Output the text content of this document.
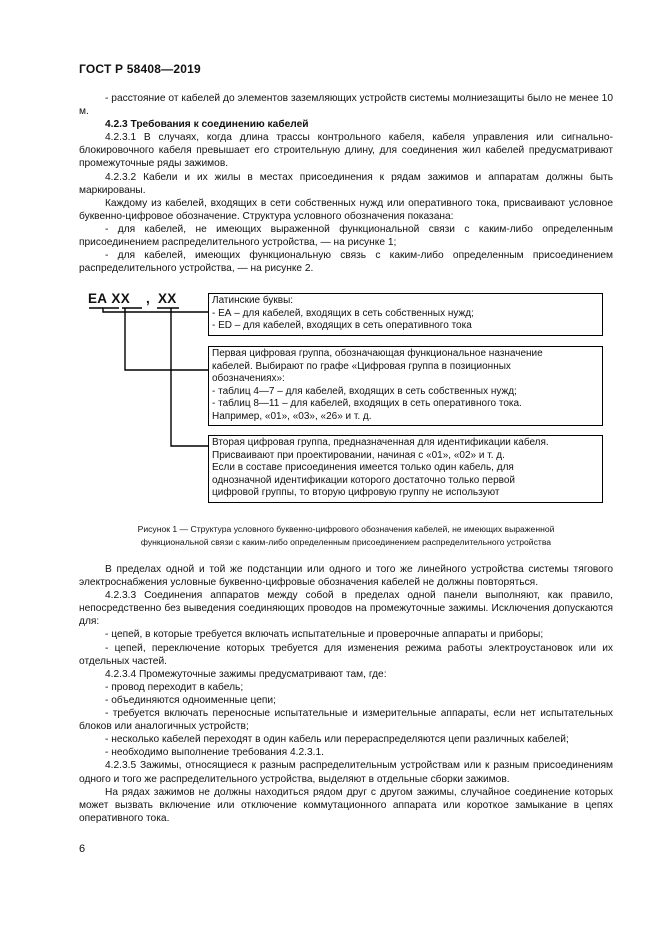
ГОСТ Р 58408—2019

- расстояние от кабелей до элементов заземляющих устройств системы молниезащиты было не менее 10 м.

4.2.3 Требования к соединению кабелей

4.2.3.1 В случаях, когда длина трассы контрольного кабеля, кабеля управления или сигнально-блокировочного кабеля превышает его строительную длину, для соединения жил кабелей предусматривают промежуточные ряды зажимов.

4.2.3.2 Кабели и их жилы в местах присоединения к рядам зажимов и аппаратам должны быть маркированы.

Каждому из кабелей, входящих в сети собственных нужд или оперативного тока, присваивают условное буквенно-цифровое обозначение. Структура условного обозначения показана:

- для кабелей, не имеющих выраженной функциональной связи с каким-либо определенным присоединением распределительного устройства, — на рисунке 1;

- для кабелей, имеющих функциональную связь с каким-либо определенным присоединением распределительного устройства, — на рисунке 2.

ЕА ХХ , ХХ	Латинские буквы:
- ЕА – для кабелей, входящих в сеть собственных нужд;
- ED – для кабелей, входящих в сеть оперативного тока
Первая цифровая группа, обозначающая функциональное назначение
кабелей. Выбирают по графе «Цифровая группа в позиционных
обозначениях»:
- таблиц 4—7 – для кабелей, входящих в сеть собственных нужд;
- таблиц 8—11 – для кабелей, входящих в сеть оперативного тока.
Например, «01», «03», «26» и т. д.
Вторая цифровая группа, предназначенная для идентификации кабеля.
Присваивают при проектировании, начиная с «01», «02» и т. д.
Если в составе присоединения имеется только один кабель, для
однозначной идентификации которого достаточно только первой
цифровой группы, то вторую цифровую группу не используют
Рисунок 1 — Структура условного буквенно-цифрового обозначения кабелей, не имеющих выраженной
функциональной связи с каким-либо определенным присоединением распределительного устройства

В пределах одной и той же подстанции или одного и того же линейного устройства системы тягового электроснабжения условные буквенно-цифровые обозначения кабелей не должны повторяться.

4.2.3.3 Соединения аппаратов между собой в пределах одной панели выполняют, как правило, непосредственно без выведения соединяющих проводов на промежуточные зажимы. Исключения допускаются для:

- цепей, в которые требуется включать испытательные и проверочные аппараты и приборы;

- цепей, переключение которых требуется для изменения режима работы электроустановок или их отдельных частей.

4.2.3.4 Промежуточные зажимы предусматривают там, где:

- провод переходит в кабель;

- объединяются одноименные цепи;

- требуется включать переносные испытательные и измерительные аппараты, если нет испытательных блоков или аналогичных устройств;

- несколько кабелей переходят в один кабель или перераспределяются цепи различных кабелей;

- необходимо выполнение требования 4.2.3.1.

4.2.3.5 Зажимы, относящиеся к разным распределительным устройствам или к разным присоединениям одного и того же распределительного устройства, выделяют в отдельные сборки зажимов.

На рядах зажимов не должны находиться рядом друг с другом зажимы, случайное соединение которых может вызвать включение или отключение коммутационного аппарата или короткое замыкание в цепях оперативного тока.

6
